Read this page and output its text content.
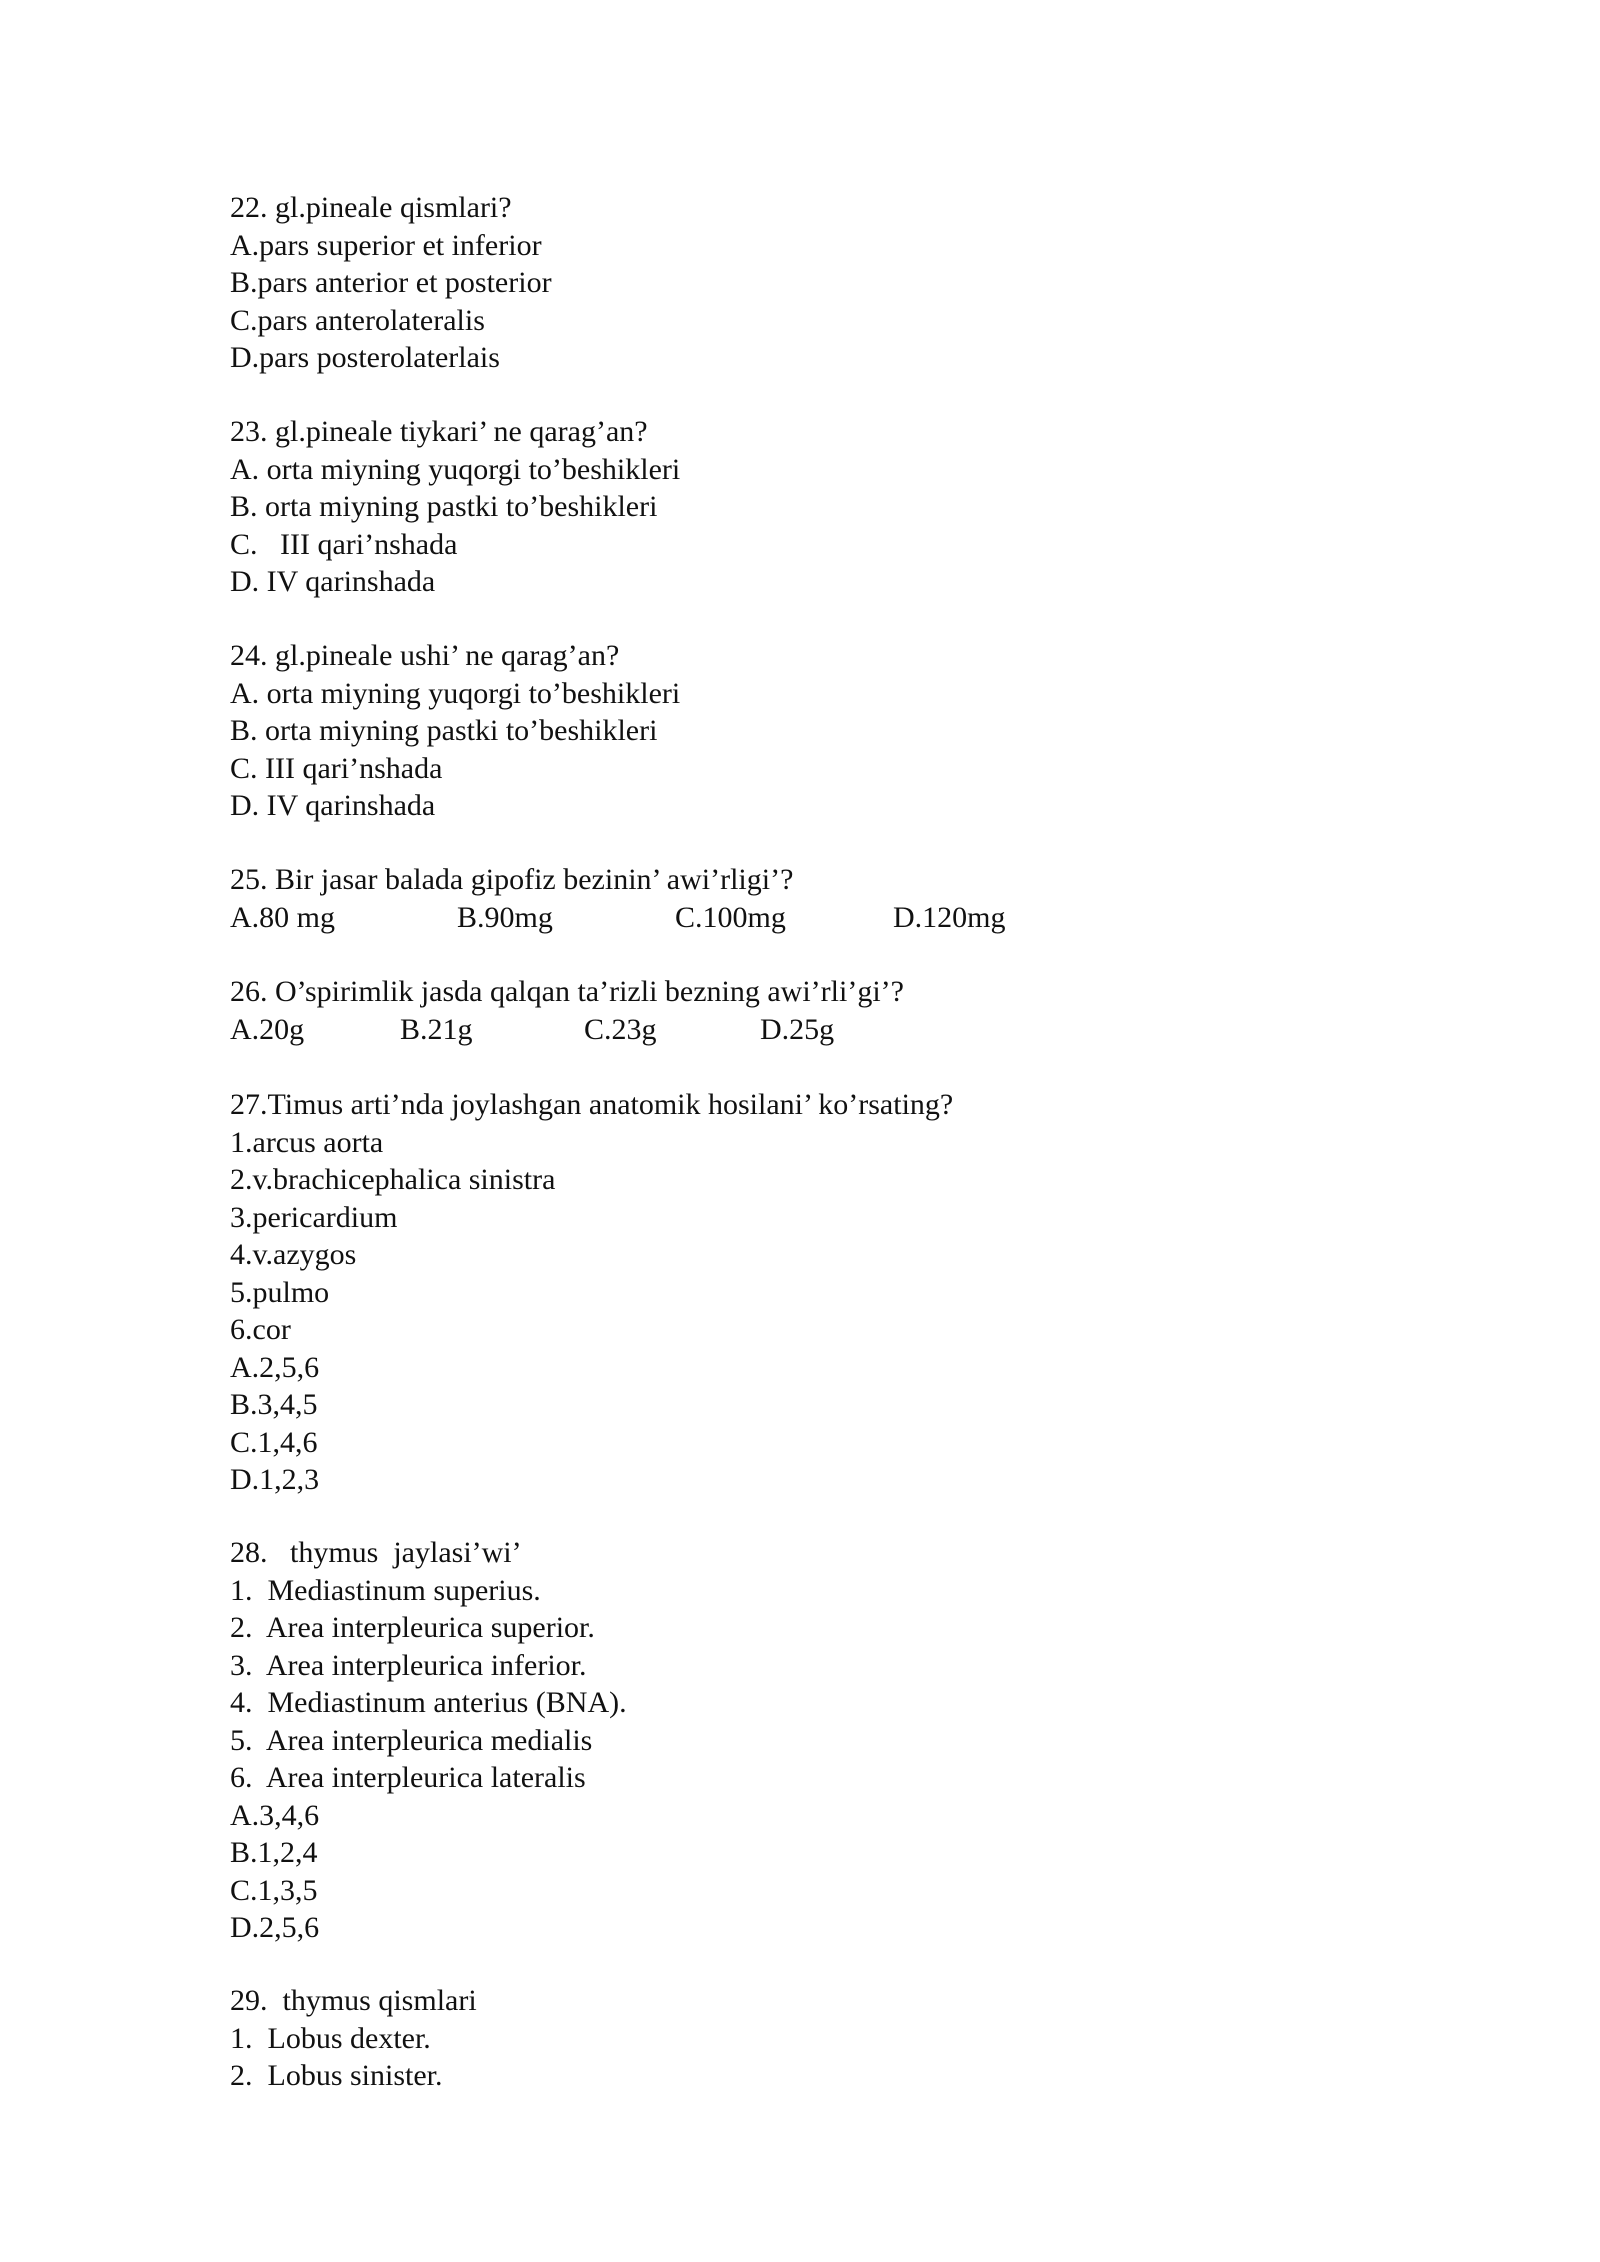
22. gl.pineale qismlari?
A.pars superior et inferior
B.pars anterior et posterior
C.pars anterolateralis
D.pars posterolaterlais
23. gl.pineale tiykari’ ne qarag’an?
A. orta miyning yuqorgi to’beshikleri
B. orta miyning pastki to’beshikleri
C.   III qari’nshada
D. IV qarinshada
24. gl.pineale ushi’ ne qarag’an?
A. orta miyning yuqorgi to’beshikleri
B. orta miyning pastki to’beshikleri
C. III qari’nshada
D. IV qarinshada
25. Bir jasar balada gipofiz bezinin’ awi’rligi’?

A.80 mg

	B.90mg

	C.100mg

	D.120mg

26. O’spirimlik jasda qalqan ta’rizli bezning awi’rli’gi’?

A.20g

	B.21g

	C.23g

	D.25g

27.Timus arti’nda joylashgan anatomik hosilani’ ko’rsating?
1.arcus aorta
2.v.brachicephalica sinistra
3.pericardium
4.v.azygos
5.pulmo
6.cor
A.2,5,6
B.3,4,5
C.1,4,6
D.1,2,3
28.   thymus  jaylasi’wi’
1.  Mediastinum superius.
2.  Area interpleurica superior.
3.  Area interpleurica inferior.
4.  Mediastinum anterius (BNA).
5.  Area interpleurica medialis
6.  Area interpleurica lateralis
A.3,4,6
B.1,2,4
C.1,3,5
D.2,5,6
29.  thymus qismlari
1.  Lobus dexter.
2.  Lobus sinister.
